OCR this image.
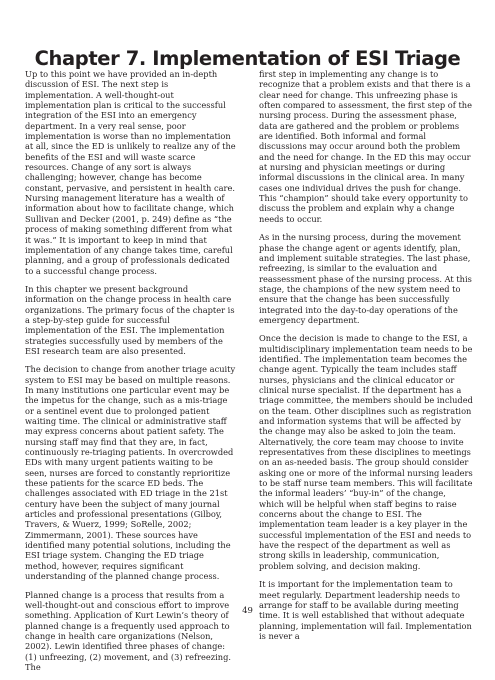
Chapter 7. Implementation of ESI Triage

Up to this point we have provided an in-depth discussion of ESI. The next step is implementation. A well-thought-out implementation plan is critical to the successful integration of the ESI into an emergency department. In a very real sense, poor implementation is worse than no implementation at all, since the ED is unlikely to realize any of the benefits of the ESI and will waste scarce resources. Change of any sort is always challenging; however, change has become constant, pervasive, and persistent in health care. Nursing management literature has a wealth of information about how to facilitate change, which Sullivan and Decker (2001, p. 249) define as “the process of making something different from what it was.” It is important to keep in mind that implementation of any change takes time, careful planning, and a group of professionals dedicated to a successful change process.

In this chapter we present background information on the change process in health care organizations. The primary focus of the chapter is a step-by-step guide for successful implementation of the ESI. The implementation strategies successfully used by members of the ESI research team are also presented.

The decision to change from another triage acuity system to ESI may be based on multiple reasons. In many institutions one particular event may be the impetus for the change, such as a mis-triage or a sentinel event due to prolonged patient waiting time. The clinical or administrative staff may express concerns about patient safety. The nursing staff may find that they are, in fact, continuously re-triaging patients. In overcrowded EDs with many urgent patients waiting to be seen, nurses are forced to constantly reprioritize these patients for the scarce ED beds. The challenges associated with ED triage in the 21st century have been the subject of many journal articles and professional presentations (Gilboy, Travers, & Wuerz, 1999; SoRelle, 2002; Zimmermann, 2001). These sources have identified many potential solutions, including the ESI triage system. Changing the ED triage method, however, requires significant understanding of the planned change process.

Planned change is a process that results from a well-thought-out and conscious effort to improve something. Application of Kurt Lewin’s theory of planned change is a frequently used approach to change in health care organizations (Nelson, 2002). Lewin identified three phases of change: (1) unfreezing, (2) movement, and (3) refreezing. The

first step in implementing any change is to recognize that a problem exists and that there is a clear need for change. This unfreezing phase is often compared to assessment, the first step of the nursing process. During the assessment phase, data are gathered and the problem or problems are identified. Both informal and formal discussions may occur around both the problem and the need for change. In the ED this may occur at nursing and physician meetings or during informal discussions in the clinical area. In many cases one individual drives the push for change. This “champion” should take every opportunity to discuss the problem and explain why a change needs to occur.

As in the nursing process, during the movement phase the change agent or agents identify, plan, and implement suitable strategies. The last phase, refreezing, is similar to the evaluation and reassessment phase of the nursing process. At this stage, the champions of the new system need to ensure that the change has been successfully integrated into the day-to-day operations of the emergency department.

Once the decision is made to change to the ESI, a multidisciplinary implementation team needs to be identified. The implementation team becomes the change agent. Typically the team includes staff nurses, physicians and the clinical educator or clinical nurse specialist. If the department has a triage committee, the members should be included on the team. Other disciplines such as registration and information systems that will be affected by the change may also be asked to join the team. Alternatively, the core team may choose to invite representatives from these disciplines to meetings on an as-needed basis. The group should consider asking one or more of the informal nursing leaders to be staff nurse team members. This will facilitate the informal leaders’ “buy-in” of the change, which will be helpful when staff begins to raise concerns about the change to ESI. The implementation team leader is a key player in the successful implementation of the ESI and needs to have the respect of the department as well as strong skills in leadership, communication, problem solving, and decision making.

It is important for the implementation team to meet regularly. Department leadership needs to arrange for staff to be available during meeting time. It is well established that without adequate planning, implementation will fail. Implementation is never a

49
